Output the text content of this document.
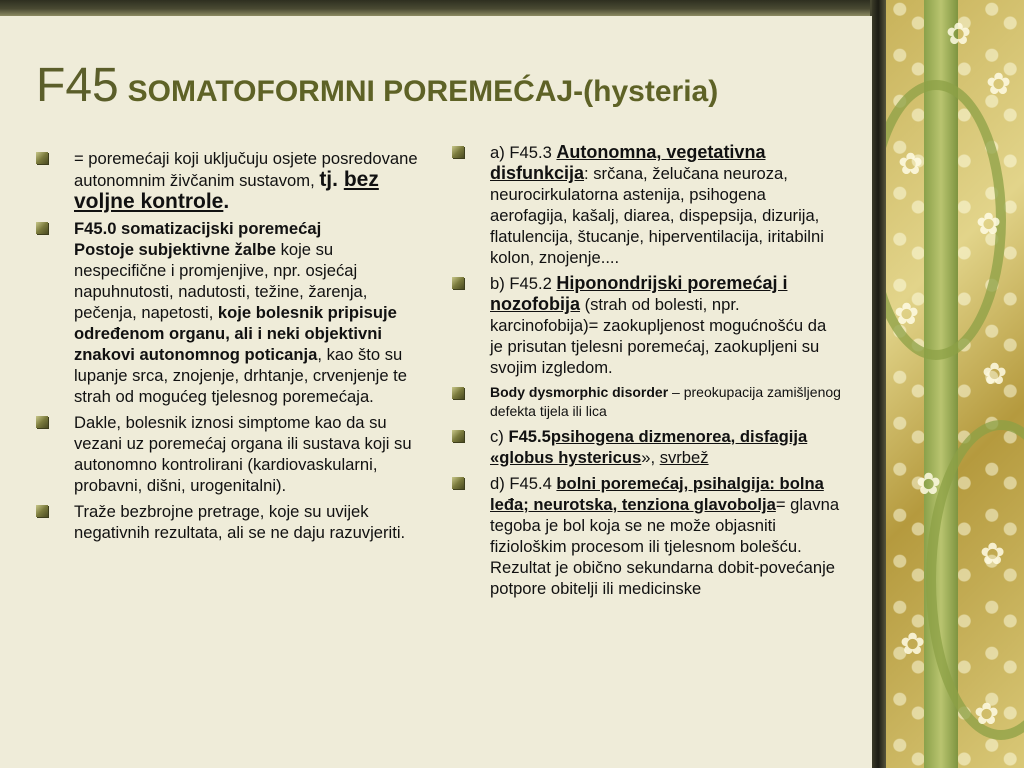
✿
✿
✿
✿
✿
✿
✿
✿
✿
✿
F45 SOMATOFORMNI POREMEĆAJ-(hysteria)
= poremećaji koji uključuju osjete posredovane autonomnim živčanim sustavom, tj. bez voljne kontrole.
F45.0 somatizacijski poremećaj
Postoje subjektivne žalbe koje su nespecifične i promjenjive, npr. osjećaj napuhnutosti, nadutosti, težine, žarenja, pečenja, napetosti, koje bolesnik pripisuje određenom organu, ali i neki objektivni znakovi autonomnog poticanja, kao što su lupanje srca, znojenje, drhtanje, crvenjenje te strah od mogućeg tjelesnog poremećaja.
Dakle, bolesnik iznosi simptome kao da su vezani uz poremećaj organa ili sustava koji su autonomno kontrolirani (kardiovaskularni, probavni, dišni, urogenitalni).
Traže bezbrojne pretrage, koje su uvijek negativnih rezultata, ali se ne daju razuvjeriti.
a) F45.3 Autonomna, vegetativna disfunkcija: srčana, želučana neuroza, neurocirkulatorna astenija, psihogena aerofagija, kašalj, diarea, dispepsija, dizurija, flatulencija, štucanje, hiperventilacija, iritabilni kolon, znojenje....
b) F45.2 Hiponondrijski poremećaj i nozofobija (strah od bolesti, npr. karcinofobija)= zaokupljenost mogućnošću da je prisutan tjelesni poremećaj, zaokupljeni su svojim izgledom.
Body dysmorphic disorder – preokupacija zamišljenog defekta tijela ili lica
c) F45.5psihogena dizmenorea, disfagija «globus hystericus», svrbež
d) F45.4 bolni poremećaj, psihalgija: bolna leđa; neurotska, tenziona glavobolja= glavna tegoba je bol koja se ne može objasniti fiziološkim procesom ili tjelesnom bolešću. Rezultat je obično sekundarna dobit-povećanje potpore obitelji ili medicinske
